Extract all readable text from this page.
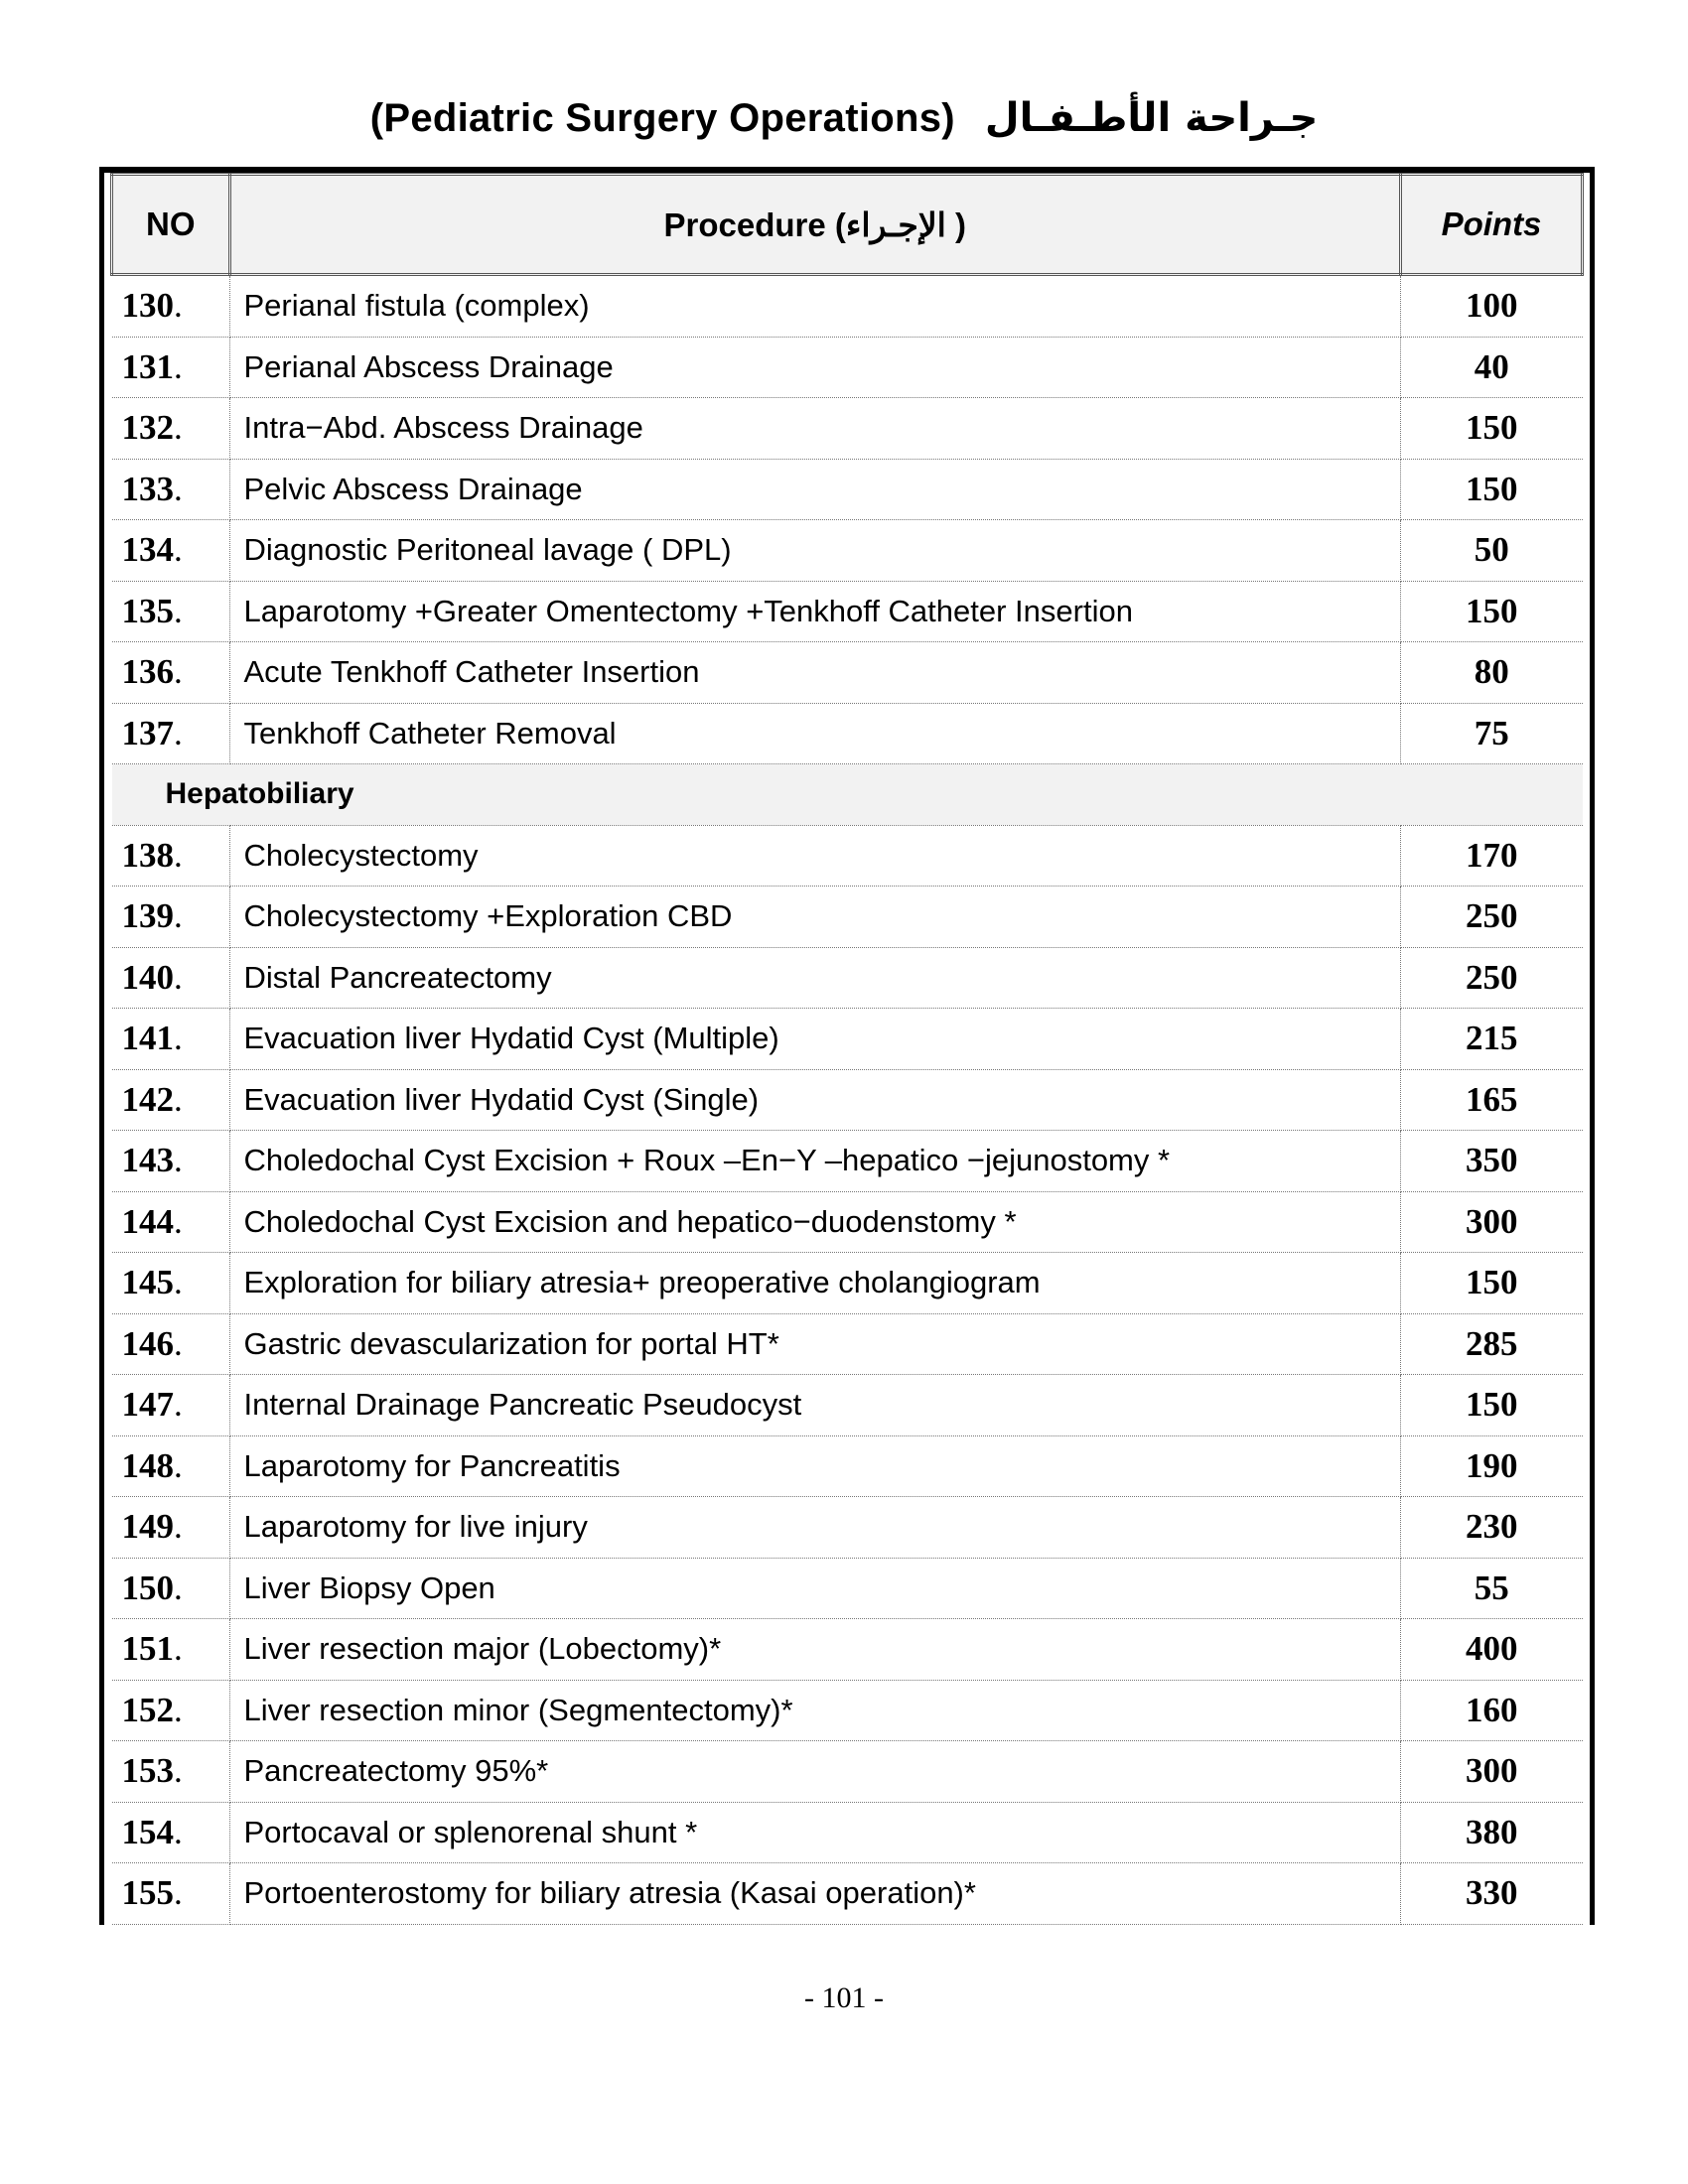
(Pediatric Surgery Operations) جـراحة الأطـفـال
NO	Procedure (الإجـراء )	Points
130.	Perianal fistula (complex)	100
131.	Perianal Abscess Drainage	40
132.	Intra−Abd. Abscess Drainage	150
133.	Pelvic Abscess Drainage	150
134.	Diagnostic Peritoneal lavage ( DPL)	50
135.	Laparotomy +Greater Omentectomy +Tenkhoff Catheter Insertion	150
136.	Acute Tenkhoff Catheter Insertion	80
137.	Tenkhoff Catheter Removal	75
Hepatobiliary		
138.	Cholecystectomy	170
139.	Cholecystectomy +Exploration CBD	250
140.	Distal Pancreatectomy	250
141.	Evacuation liver Hydatid Cyst (Multiple)	215
142.	Evacuation liver Hydatid Cyst (Single)	165
143.	Choledochal Cyst Excision + Roux –En−Y –hepatico −jejunostomy *	350
144.	Choledochal Cyst Excision and hepatico−duodenstomy *	300
145.	Exploration for biliary atresia+ preoperative cholangiogram	150
146.	Gastric devascularization for portal HT*	285
147.	Internal Drainage Pancreatic Pseudocyst	150
148.	Laparotomy for Pancreatitis	190
149.	Laparotomy for live injury	230
150.	Liver Biopsy Open	55
151.	Liver resection major (Lobectomy)*	400
152.	Liver resection minor (Segmentectomy)*	160
153.	Pancreatectomy 95%*	300
154.	Portocaval or splenorenal shunt *	380
155.	Portoenterostomy for biliary atresia (Kasai operation)*	330
- 101 -
